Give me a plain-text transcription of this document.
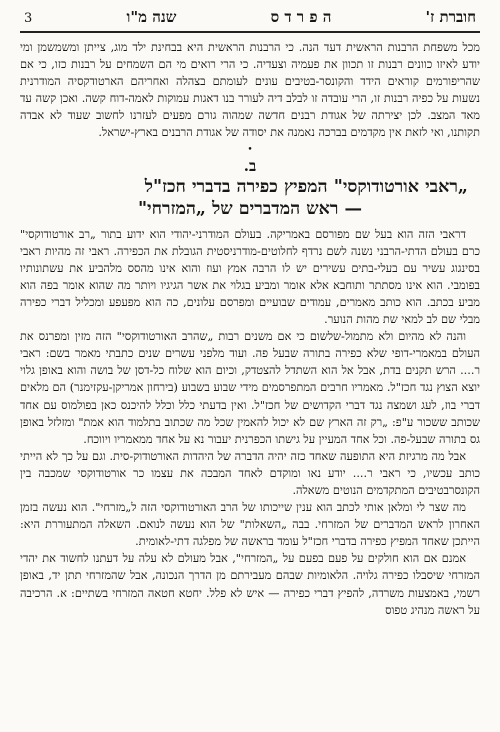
חוברת ז'
ה פ ר ד ס
שנה מ"ו
3

מכל משפחת הרבנות הראשית דעד הנה. כי הרבנות הראשית היא בבחינת ילד מוג, צייתן ומשמשמן ומי יודע לאיזו כוונים רבנות זו תכוון את פעמיה וצעדיה. כי הרי רואים מי הם השמחים על רבנות כזו, כי אם שהריפורמים קוראים הידד והקונסר-בטיבים עונים לעומתם בצהלה ואחריהם הארטודקסיה המודרנית נשעות על כפיה רבנות זו, הרי עובדה זו לבלב דיה לעורר בנו דאגות עמוקות לאמה-דוח קשה. ואכן קשה עד מאד המצב. לכן יצירתה של אגודת רבנים חדשה שמהוה גורם מפעים לעזרנו לחשוב שעוד לא אבדה תקותנו, ואי לזאת אין מקדמים בברכה נאמנה את יסודה של אגודת הרבנים בארץ-ישראל.

•
ב.
„ראבי אורטודוקסי" המפיץ כפירה בדברי חכז"ל
— ראש המדברים של „המזרחי"

דראבי הזה הוא בעל שם מפורסם באמריקה. בעולם המודרני-יהודי הוא ידוע בתור „רב אורטודוקסי" כרם בעולם הדתי-הרבני נשנה לשם נרדף לחלוטים-מודרניסטית הגובלת את הכפירה. ראבי זה מהיות ראבי בסינגוג עשיר עם בעלי-בתים עשירים יש לו הרבה אמץ ועוז והוא אינו מהסס מלהביע את עשתונותיו בפומבי. הוא אינו מסתתר ותוחבא אלא אומר ומביע בגלוי את אשר הגיגיו ויותר מה שהוא אומר בפה הוא מביע בכתב. הוא כותב מאמרים, עמודים שבועיים ומפרסם עלונים, כה הוא מפעפע ומכליל דברי כפירה מבלי שם לב למאי שת מהות הנוער.

והנה לא מהיום ולא מתמול-שלשום כי אם משנים רבות „שהרב האורטודוקסי" הזה מזין ומפרנס את העולם במאמרי-דופי שלא כפירה בתורה שבעל פה. ועוד מלפני עשרים שנים כתבתי מאמר בשם: ראבי ר.... הרש תקנים בדת, אבל אל הוא השתדל להצטדק, וכיום הוא שלוח כל-דסן של בושה והוא באופן גלוי יוצא הצוץ נגד חכז"ל. מאמריו חרבים המתפרסמים מידי שבוע בשבוע (בירחון אמריקן-עקזימנר) הם מלאים דברי בוז, לעג ושמצה נגד דברי הקדושים של חכז"ל. ואין בדעתי כלל וכלל להיכנס כאן בפולמוס עם אחד שכותב ששכור ע"פ: „רק זה הארץ שם לא יכול להאמין שכל מה שכתוב בתלמוד הוא אמת" ומזלזל באופן גס בתורה שבעל-פה. וכל אחד המעיין על גישתו הכפרנית יעבור נא על אחד ממאמריו ויווכח.

אבל מה מרגיזת היא התופעה שאחד כזה יהיה הדברה של היהדות האורטודוק-סית. וגם על כך לא הייתי כותב עכשיו, כי ראבי ר.... יודע נאו ומוקדם לאחד המבכה את עצמו כר אורטודוקסי שמכבה בין הקונסרבטיבים המתקדמים הנוטים משאלה.

מה שצר לי ומלאן אותי לכתב הוא ענין שייכותו של הרב האורטודוקסי הזה ל„מזרחי". הוא נעשה בזמן האחרון לראש המדברים של המזרחי. בבה „השאלות" של הוא נעשה לנואם. השאלה המתעוררת היא: הייתכן שאחד המפיץ כפירה בדברי חכז"ל עומד בראשה של מפלגה דתי-לאומית.

אמנם אם הוא חולקים על פעם בפעם על „המזרחי", אבל מעולם לא עלה על דעתנו לחשוד את יהדי המזרחי שיסבלו כפירה גלויה. הלאומיות שבהם מעבירתם מן הדרך הנכונה, אבל שהמזרחי תתן יד, באופן רשמי, באמצעות משרדה, להפיץ דברי כפירה — איש לא פלל. יחטא חטאה המזרחי בשתיים: א. הרכיבה על ראשה מנהיג טפוס
